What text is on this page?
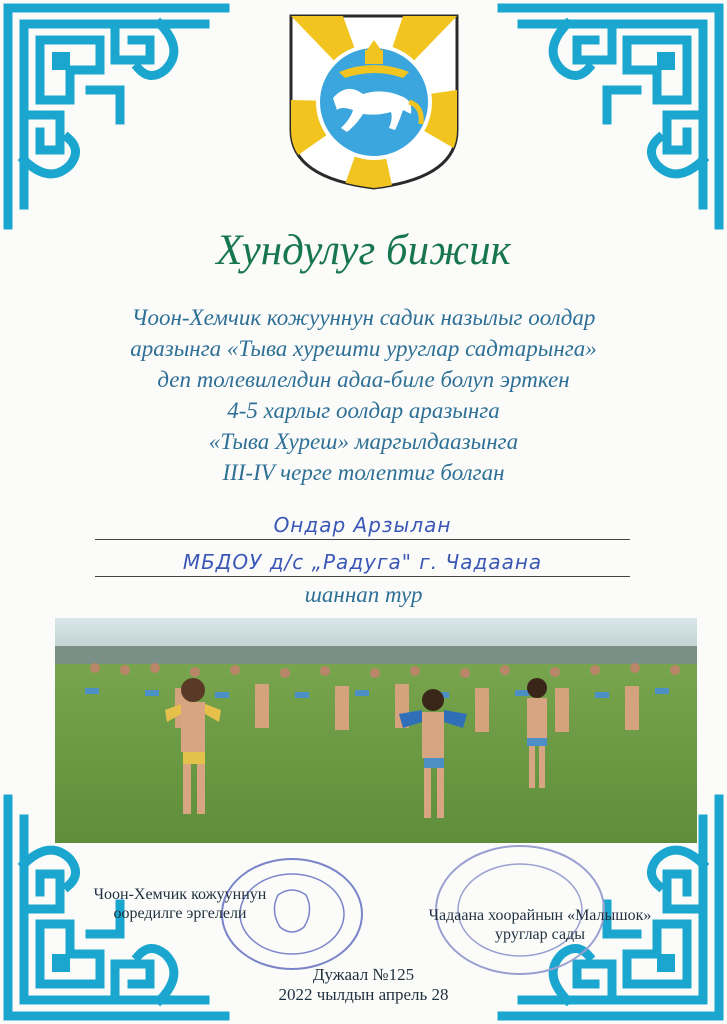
Хундулуг бижик

Чоон-Хемчик кожууннун садик назылыг оолдар
аразынга «Тыва хурешти уруглар садтарынга»
деп толевилелдин адаа-биле болуп эрткен
4-5 харлыг оолдар аразынга
«Тыва Хуреш» маргылдаазынга
III-IV черге толептиг болган

Ондар Арзылан
МБДОУ д/с „Радуга" г. Чадаана
шаннап тур
Чоон-Хемчик кожууннун
ооредилге эргелели	Чадаана хоорайнын «Малышок»
уруглар сады
Дужаал №125
2022 чылдын апрель 28
